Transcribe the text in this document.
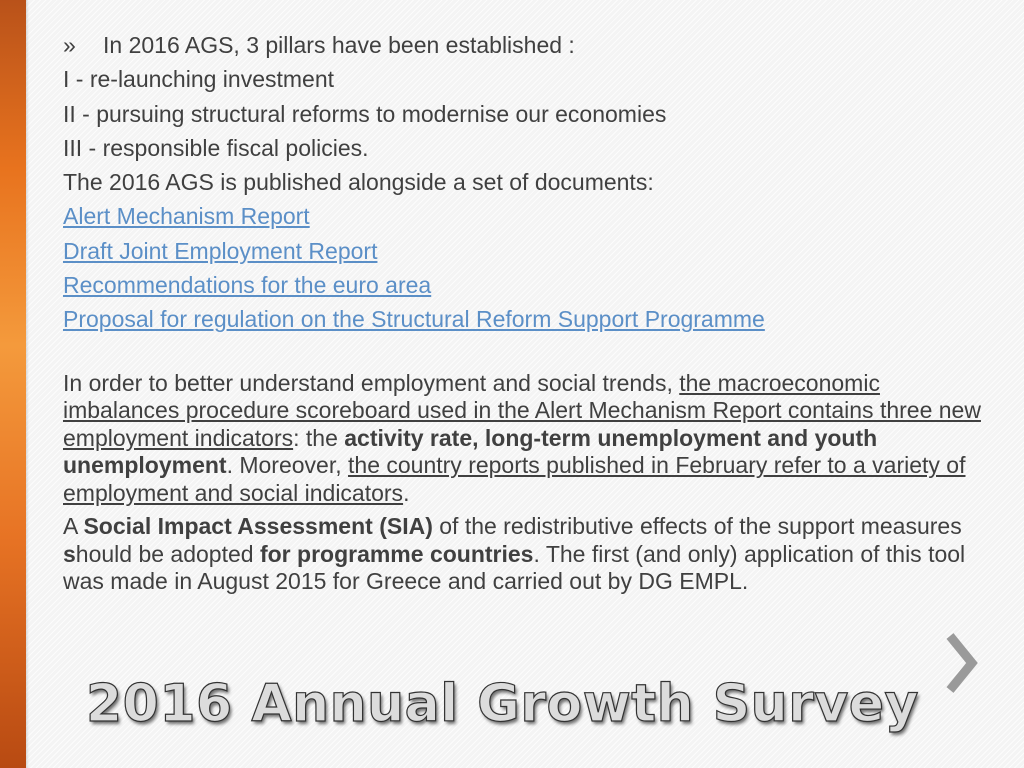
» In 2016 AGS, 3 pillars have been established :
I - re-launching investment
II - pursuing structural reforms to modernise our economies
III - responsible fiscal policies.
The 2016 AGS is published alongside a set of documents:
Alert Mechanism Report
Draft Joint Employment Report
Recommendations for the euro area
Proposal for regulation on the Structural Reform Support Programme

In order to better understand employment and social trends, the macroeconomic imbalances procedure scoreboard used in the Alert Mechanism Report contains three new employment indicators: the activity rate, long-term unemployment and youth unemployment. Moreover, the country reports published in February refer to a variety of employment and social indicators.

A Social Impact Assessment (SIA) of the redistributive effects of the support measures should be adopted for programme countries. The first (and only) application of this tool was made in August 2015 for Greece and carried out by DG EMPL.

2016 Annual Growth Survey
